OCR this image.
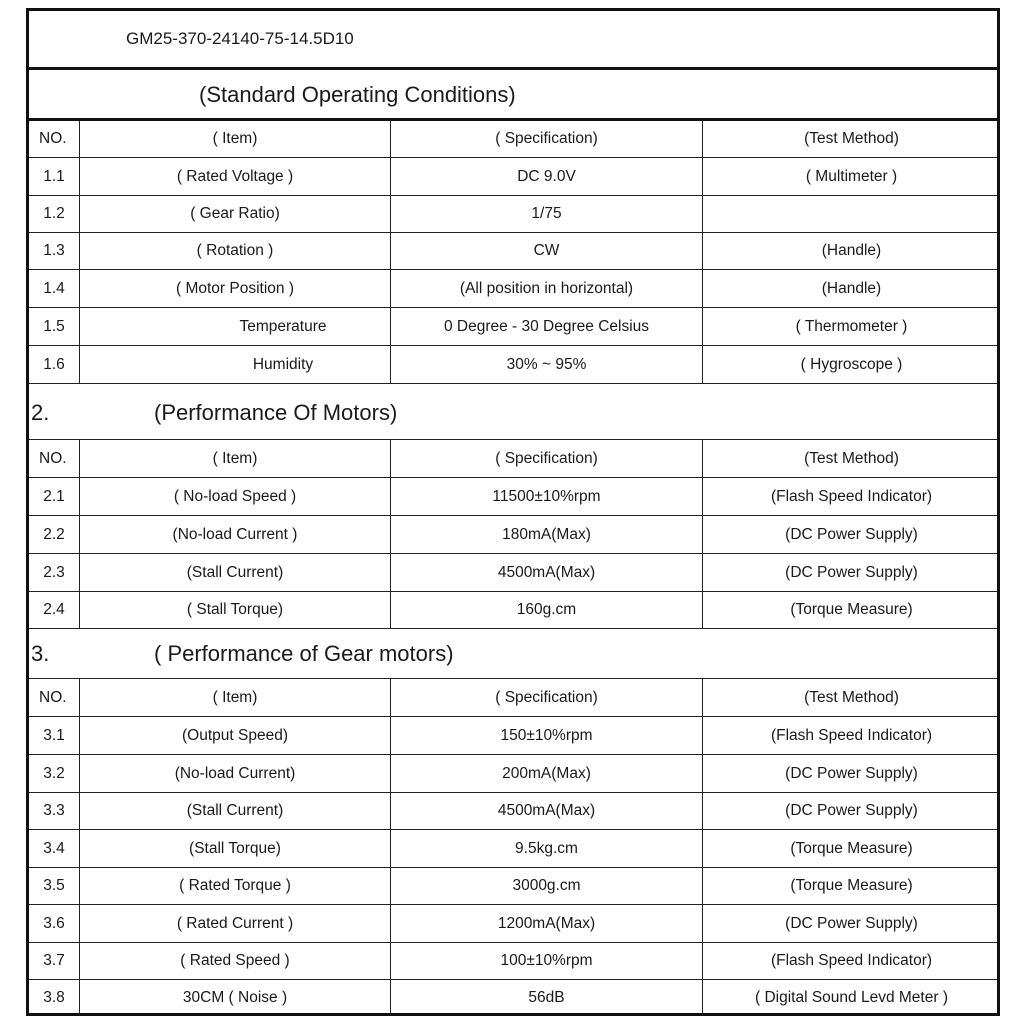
GM25-370-24140-75-14.5D10
(Standard Operating Conditions)
NO.	( Item)	( Specification)	(Test Method)
1.1	( Rated Voltage )	DC 9.0V	( Multimeter )
1.2	( Gear Ratio)	1/75
1.3	( Rotation )	CW	(Handle)
1.4	( Motor Position )	(All position in horizontal)	(Handle)
1.5	Temperature	0 Degree - 30 Degree Celsius	( Thermometer )
1.6	Humidity	30% ~ 95%	( Hygroscope )
2.	(Performance Of Motors)
NO.	( Item)	( Specification)	(Test Method)
2.1	( No-load Speed )	11500±10%rpm	(Flash Speed Indicator)
2.2	(No-load Current )	180mA(Max)	(DC Power Supply)
2.3	(Stall Current)	4500mA(Max)	(DC Power Supply)
2.4	( Stall Torque)	160g.cm	(Torque Measure)
3.	( Performance of Gear motors)
NO.	( Item)	( Specification)	(Test Method)
3.1	(Output Speed)	150±10%rpm	(Flash Speed Indicator)
3.2	(No-load Current)	200mA(Max)	(DC Power Supply)
3.3	(Stall Current)	4500mA(Max)	(DC Power Supply)
3.4	(Stall Torque)	9.5kg.cm	(Torque Measure)
3.5	( Rated Torque )	3000g.cm	(Torque Measure)
3.6	( Rated Current )	1200mA(Max)	(DC Power Supply)
3.7	( Rated Speed )	100±10%rpm	(Flash Speed Indicator)
3.8	30CM ( Noise )	56dB	( Digital Sound Levd Meter )
